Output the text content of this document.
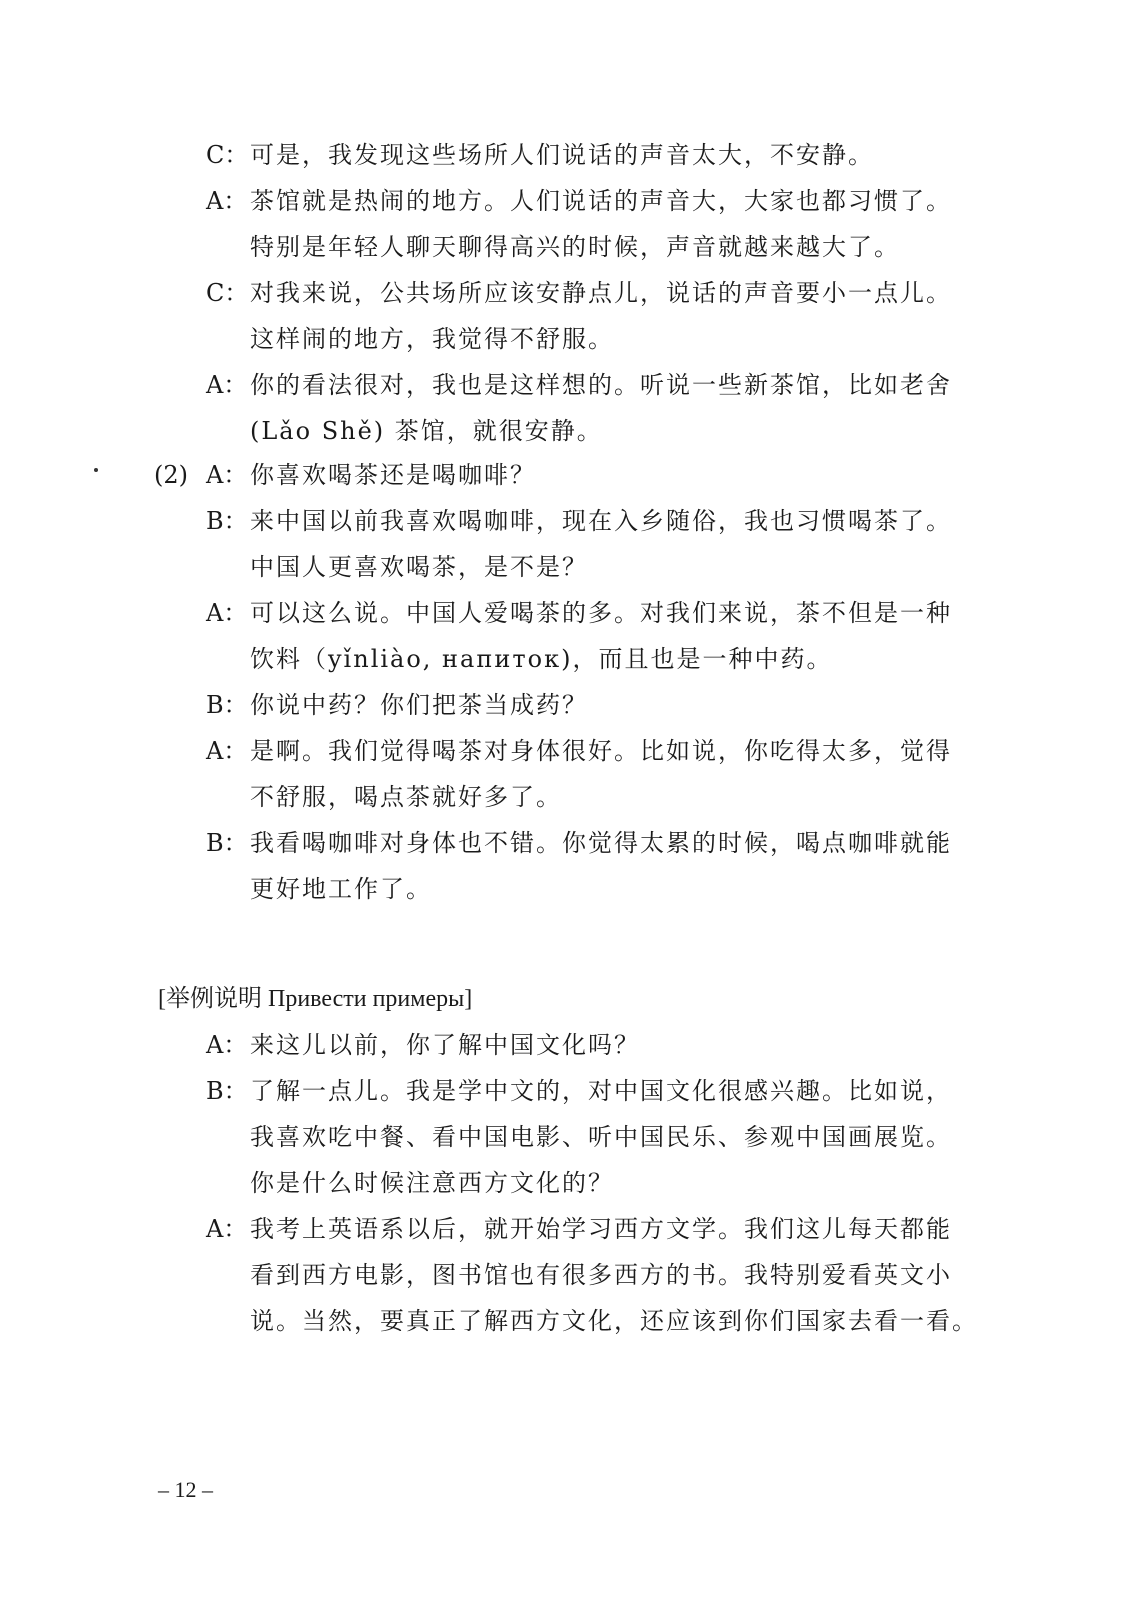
C： 可是，我发现这些场所人们说话的声音太大，不安静。
A： 茶馆就是热闹的地方。人们说话的声音大，大家也都习惯了。
特别是年轻人聊天聊得高兴的时候，声音就越来越大了。
C： 对我来说，公共场所应该安静点儿，说话的声音要小一点儿。
这样闹的地方，我觉得不舒服。
A： 你的看法很对，我也是这样想的。听说一些新茶馆，比如老舍
(Lǎo Shě) 茶馆，就很安静。
(2) A： 你喜欢喝茶还是喝咖啡？
B： 来中国以前我喜欢喝咖啡，现在入乡随俗，我也习惯喝茶了。
中国人更喜欢喝茶，是不是？
A： 可以这么说。中国人爱喝茶的多。对我们来说，茶不但是一种
饮料（yǐnliào, напиток)，而且也是一种中药。
B： 你说中药？你们把茶当成药？
A： 是啊。我们觉得喝茶对身体很好。比如说，你吃得太多，觉得
不舒服，喝点茶就好多了。
B： 我看喝咖啡对身体也不错。你觉得太累的时候，喝点咖啡就能
更好地工作了。
[举例说明 Привести примеры]
A： 来这儿以前，你了解中国文化吗？
B： 了解一点儿。我是学中文的，对中国文化很感兴趣。比如说，
我喜欢吃中餐、看中国电影、听中国民乐、参观中国画展览。
你是什么时候注意西方文化的？
A： 我考上英语系以后，就开始学习西方文学。我们这儿每天都能
看到西方电影，图书馆也有很多西方的书。我特别爱看英文小
说。当然，要真正了解西方文化，还应该到你们国家去看一看。
– 12 –
